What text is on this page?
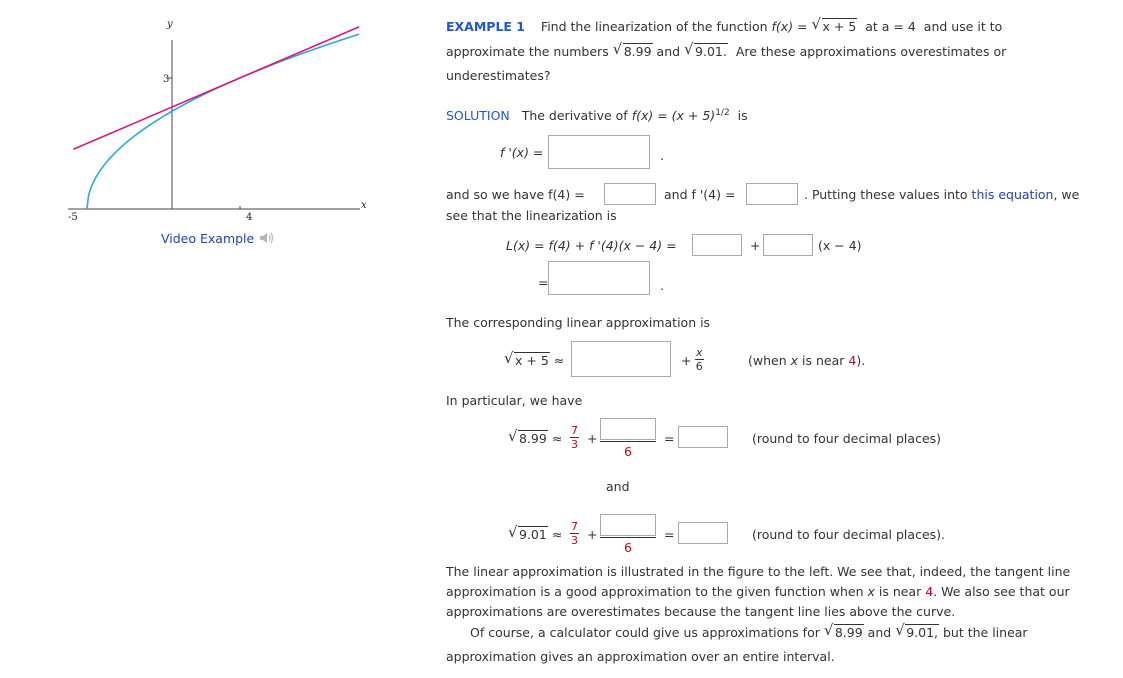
y
x
3
-5	4
Video Example
EXAMPLE 1 Find the linearization of the function f(x) = √ x + 5 at a = 4 and use it to
approximate the numbers √ 8.99 and √ 9.01. Are these approximations overestimates or
underestimates?
SOLUTION The derivative of $f(x) = (x + 5)^{1/2}$ is
f '(x) =	.
and so we have f(4) =	and f '(4) =	. Putting these values into this equation, we
see that the linearization is
L(x) = f(4) + f '(4)(x − 4) =	+	(x − 4)
=	.
The corresponding linear approximation is
√ x + 5 ≈	+ $\frac{x}{6}$	(when x is near 4).
In particular, we have
√ $8.99 \approx \frac{7}{3}$ +
6
=	(round to four decimal places)
and
√ $9.01 \approx \frac{7}{3}$ +
6
=	(round to four decimal places).
The linear approximation is illustrated in the figure to the left. We see that, indeed, the tangent line
approximation is a good approximation to the given function when x is near 4. We also see that our
approximations are overestimates because the tangent line lies above the curve.
Of course, a calculator could give us approximations for √ 8.99 and √ 9.01, but the linear
approximation gives an approximation over an entire interval.
